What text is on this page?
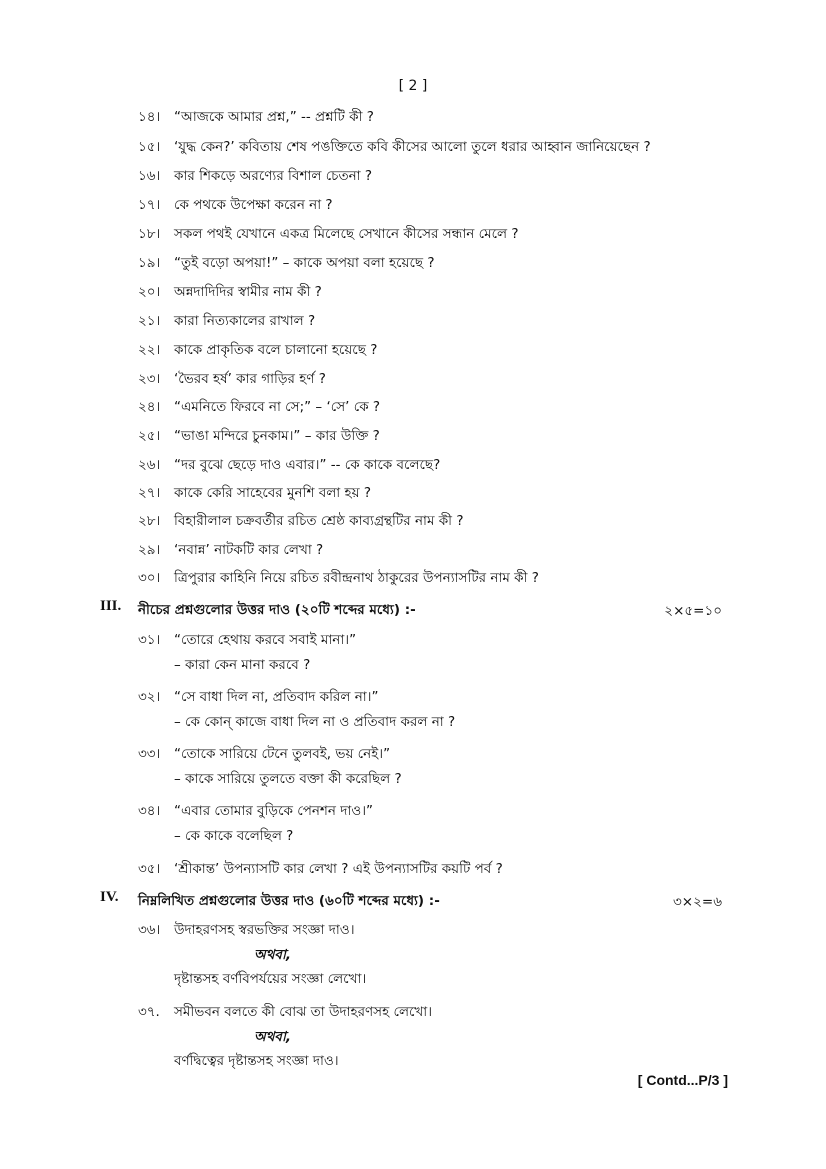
[ 2 ]
১৪। “আজকে আমার প্রশ্ন,” -- প্রশ্নটি কী ?
১৫। ‘যুদ্ধ কেন?’ কবিতায় শেষ পঙক্তিতে কবি কীসের আলো তুলে ধরার আহ্বান জানিয়েছেন ?
১৬। কার শিকড়ে অরণ্যের বিশাল চেতনা ?
১৭। কে পথকে উপেক্ষা করেন না ?
১৮। সকল পথই যেখানে একত্র মিলেছে সেখানে কীসের সন্ধান মেলে ?
১৯। “তুই বড়ো অপয়া!” – কাকে অপয়া বলা হয়েছে ?
২০। অন্নদাদিদির স্বামীর নাম কী ?
২১। কারা নিত্যকালের রাখাল ?
২২। কাকে প্রাকৃতিক বলে চালানো হয়েছে ?
২৩। ‘ভৈরব হর্ষ’ কার গাড়ির হর্ণ ?
২৪। “এমনিতে ফিরবে না সে;” – ‘সে’ কে ?
২৫। “ভাঙা মন্দিরে চুনকাম।” – কার উক্তি ?
২৬। “দর বুঝে ছেড়ে দাও এবার।” -- কে কাকে বলেছে?
২৭। কাকে কেরি সাহেবের মুনশি বলা হয় ?
২৮। বিহারীলাল চক্রবর্তীর রচিত শ্রেষ্ঠ কাব্যগ্রন্থটির নাম কী ?
২৯। ‘নবান্ন’ নাটকটি কার লেখা ?
৩০। ত্রিপুরার কাহিনি নিয়ে রচিত রবীন্দ্রনাথ ঠাকুরের উপন্যাসটির নাম কী ?
III. নীচের প্রশ্নগুলোর উত্তর দাও (২০টি শব্দের মধ্যে) :-	২×৫=১০
৩১। “তোরে হেথায় করবে সবাই মানা।”
– কারা কেন মানা করবে ?
৩২। “সে বাধা দিল না, প্রতিবাদ করিল না।”
– কে কোন্ কাজে বাধা দিল না ও প্রতিবাদ করল না ?
৩৩। “তোকে সারিয়ে টেনে তুলবই, ভয় নেই।”
– কাকে সারিয়ে তুলতে বক্তা কী করেছিল ?
৩৪। “এবার তোমার বুড়িকে পেনশন দাও।”
– কে কাকে বলেছিল ?
৩৫। ‘শ্রীকান্ত’ উপন্যাসটি কার লেখা ? এই উপন্যাসটির কয়টি পর্ব ?
IV. নিম্নলিখিত প্রশ্নগুলোর উত্তর দাও (৬০টি শব্দের মধ্যে) :-	৩×২=৬
৩৬। উদাহরণসহ স্বরভক্তির সংজ্ঞা দাও।
অথবা,
দৃষ্টান্তসহ বর্ণবিপর্যয়ের সংজ্ঞা লেখো।
৩৭. সমীভবন বলতে কী বোঝ তা উদাহরণসহ লেখো।
অথবা,
বর্ণদ্বিত্বের দৃষ্টান্তসহ সংজ্ঞা দাও।
[ Contd...P/3 ]
